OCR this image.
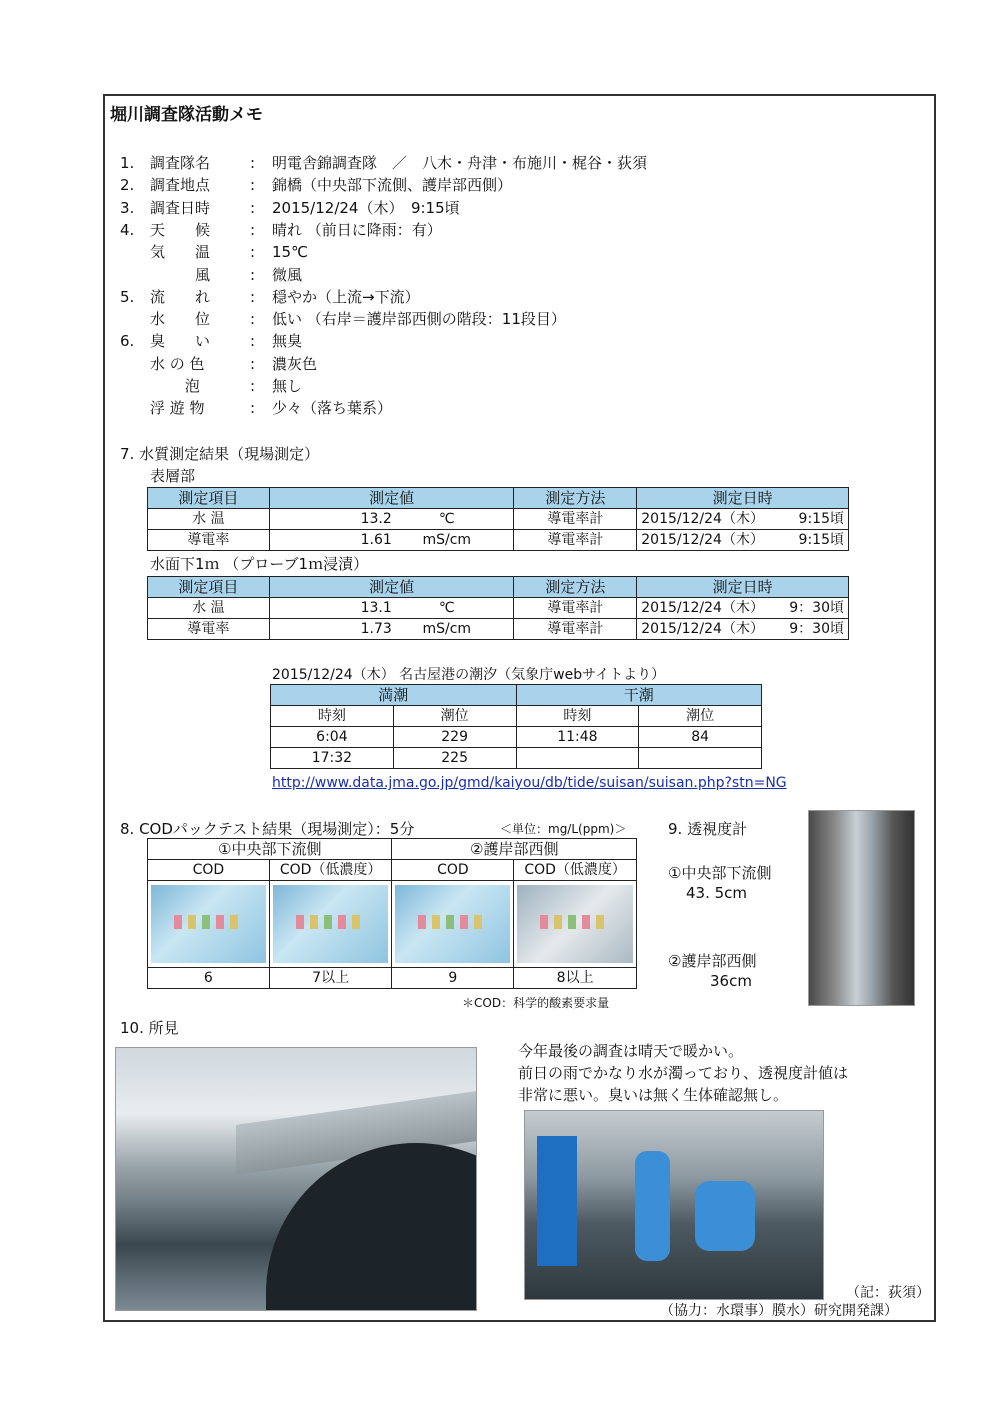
堀川調査隊活動メモ
1. 調査隊名	: 明電舎錦調査隊　／　八木・舟津・布施川・梶谷・荻須
2. 調査地点	: 錦橋（中央部下流側、護岸部西側）
3. 調査日時	: 2015/12/24（木）　9:15頃
4. 天　　候	: 晴れ （前日に降雨：有）
気　　温	: 15℃
　　　風	: 微風
5. 流　　れ	: 穏やか（上流→下流）
水　　位	: 低い （右岸＝護岸部西側の階段：11段目）
6. 臭　　い	: 無臭
水 の 色	: 濃灰色
　　 泡	: 無し
浮 遊 物	: 少々（落ち葉系）
7. 水質測定結果（現場測定）
表層部
測定項目	測定値	測定方法	測定日時
水 温	13.2 ℃	導電率計	2015/12/24（木） 9:15頃

導電率	1.61 mS/cm	導電率計	2015/12/24（木） 9:15頃
水面下1ｍ （プローブ1ｍ浸漬）
測定項目	測定値	測定方法	測定日時
水 温	13.1 ℃	導電率計	2015/12/24（木） 9：30頃

導電率	1.73 mS/cm	導電率計	2015/12/24（木） 9：30頃
2015/12/24（木） 名古屋港の潮汐（気象庁webサイトより）
満潮		干潮	
時刻	潮位	時刻	潮位
6:04	229	11:48	84
17:32	225		
http://www.data.jma.go.jp/gmd/kaiyou/db/tide/suisan/suisan.php?stn=NG
8. CODパックテスト結果（現場測定）：5分	＜単位：mg/L(ppm)＞
①中央部下流側		②護岸部西側	
COD	COD（低濃度）	COD	COD（低濃度）

6	7以上	9	8以上
＊COD：科学的酸素要求量
9. 透視度計
①中央部下流側
43. 5cm
②護岸部西側
36cm
10. 所見
今年最後の調査は晴天で暖かい。
前日の雨でかなり水が濁っており、透視度計値は
非常に悪い。臭いは無く生体確認無し。
（記：荻須）
（協力：水環事）膜水）研究開発課）
